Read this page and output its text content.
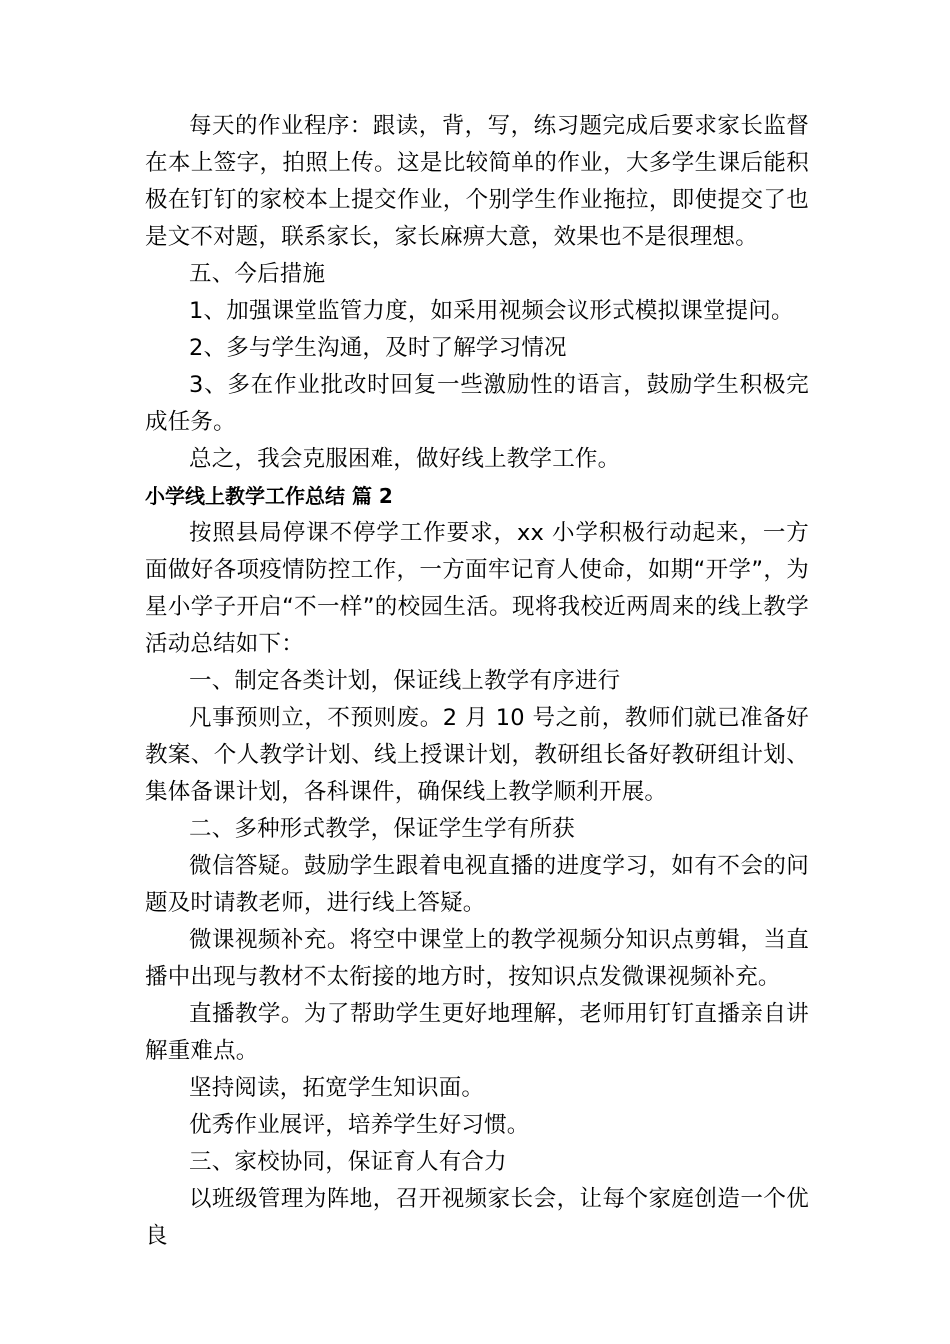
每天的作业程序：跟读，背，写，练习题完成后要求家长监督在本上签字，拍照上传。这是比较简单的作业，大多学生课后能积极在钉钉的家校本上提交作业，个别学生作业拖拉，即使提交了也是文不对题，联系家长，家长麻痹大意，效果也不是很理想。

五、今后措施

1、加强课堂监管力度，如采用视频会议形式模拟课堂提问。

2、多与学生沟通，及时了解学习情况

3、多在作业批改时回复一些激励性的语言，鼓励学生积极完成任务。

总之，我会克服困难，做好线上教学工作。

小学线上教学工作总结 篇 2

按照县局停课不停学工作要求，xx 小学积极行动起来，一方面做好各项疫情防控工作，一方面牢记育人使命，如期“开学”，为星小学子开启“不一样”的校园生活。现将我校近两周来的线上教学活动总结如下：

一、制定各类计划，保证线上教学有序进行

凡事预则立，不预则废。2 月 10 号之前，教师们就已准备好教案、个人教学计划、线上授课计划，教研组长备好教研组计划、集体备课计划，各科课件，确保线上教学顺利开展。

二、多种形式教学，保证学生学有所获

微信答疑。鼓励学生跟着电视直播的进度学习，如有不会的问题及时请教老师，进行线上答疑。

微课视频补充。将空中课堂上的教学视频分知识点剪辑，当直播中出现与教材不太衔接的地方时，按知识点发微课视频补充。

直播教学。为了帮助学生更好地理解，老师用钉钉直播亲自讲解重难点。

坚持阅读，拓宽学生知识面。

优秀作业展评，培养学生好习惯。

三、家校协同，保证育人有合力

以班级管理为阵地，召开视频家长会，让每个家庭创造一个优良
